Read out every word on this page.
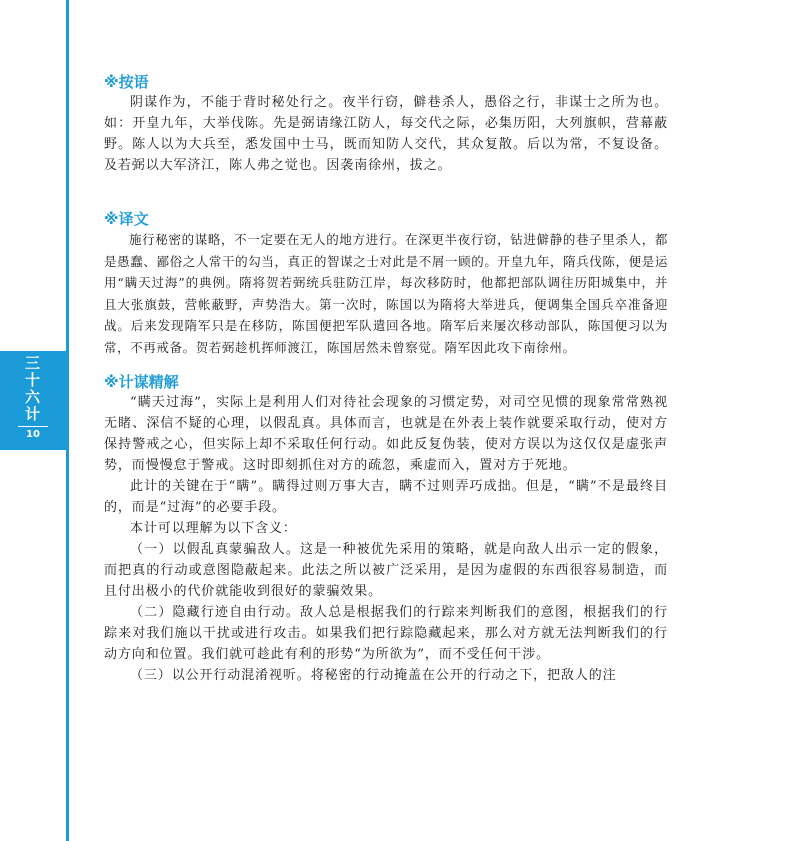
三十六计
10
※按语

阴谋作为，不能于背时秘处行之。夜半行窃，僻巷杀人，愚俗之行，非谋士之所为也。如：开皇九年，大举伐陈。先是弼请缘江防人，每交代之际，必集历阳，大列旗帜，营幕蔽野。陈人以为大兵至，悉发国中士马，既而知防人交代，其众复散。后以为常，不复设备。及若弼以大军济江，陈人弗之觉也。因袭南徐州，拔之。

※译文

施行秘密的谋略，不一定要在无人的地方进行。在深更半夜行窃，钻进僻静的巷子里杀人，都是愚蠢、鄙俗之人常干的勾当，真正的智谋之士对此是不屑一顾的。开皇九年，隋兵伐陈，便是运用“瞒天过海”的典例。隋将贺若弼统兵驻防江岸，每次移防时，他都把部队调往历阳城集中，并且大张旗鼓，营帐蔽野，声势浩大。第一次时，陈国以为隋将大举进兵，便调集全国兵卒准备迎战。后来发现隋军只是在移防，陈国便把军队遣回各地。隋军后来屡次移动部队，陈国便习以为常，不再戒备。贺若弼趁机挥师渡江，陈国居然未曾察觉。隋军因此攻下南徐州。

※计谋精解

“瞒天过海”，实际上是利用人们对待社会现象的习惯定势，对司空见惯的现象常常熟视无睹、深信不疑的心理，以假乱真。具体而言，也就是在外表上装作就要采取行动，使对方保持警戒之心，但实际上却不采取任何行动。如此反复伪装，使对方误以为这仅仅是虚张声势，而慢慢怠于警戒。这时即刻抓住对方的疏忽，乘虚而入，置对方于死地。

此计的关键在于“瞒”。瞒得过则万事大吉，瞒不过则弄巧成拙。但是，“瞒”不是最终目的，而是“过海”的必要手段。

本计可以理解为以下含义：

（一）以假乱真蒙骗敌人。这是一种被优先采用的策略，就是向敌人出示一定的假象，而把真的行动或意图隐蔽起来。此法之所以被广泛采用，是因为虚假的东西很容易制造，而且付出极小的代价就能收到很好的蒙骗效果。

（二）隐藏行迹自由行动。敌人总是根据我们的行踪来判断我们的意图，根据我们的行踪来对我们施以干扰或进行攻击。如果我们把行踪隐藏起来，那么对方就无法判断我们的行动方向和位置。我们就可趁此有利的形势“为所欲为”，而不受任何干涉。

（三）以公开行动混淆视听。将秘密的行动掩盖在公开的行动之下，把敌人的注
